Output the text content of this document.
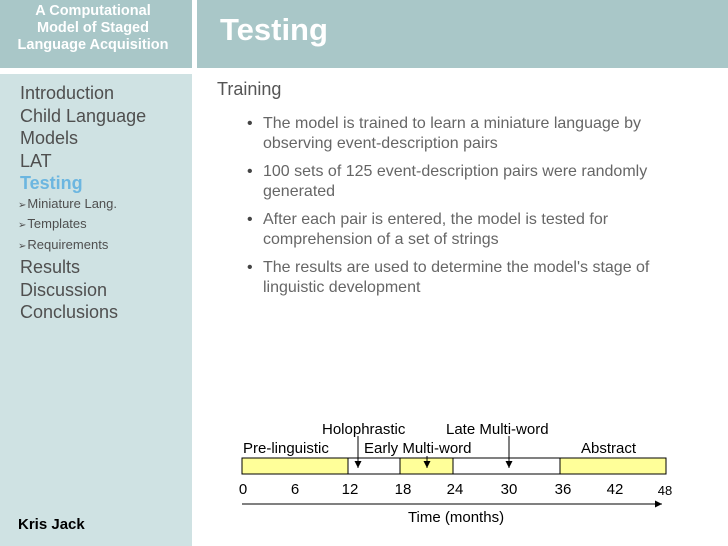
A Computational
Model of Staged
Language Acquisition	Testing
Introduction
Child Language
Models
LAT
Testing
➢Miniature Lang.
➢Templates
➢Requirements
Results
Discussion
Conclusions
Kris Jack
Training
• The model is trained to learn a miniature language by observing event-description pairs
• 100 sets of 125 event-description pairs were randomly generated
• After each pair is entered, the model is tested for comprehension of a set of strings
• The results are used to determine the model's stage of linguistic development
Holophrastic	Late Multi-word
Pre-linguistic Early Multi-word	Abstract
0	6	12 18 24 30 36 42	48
Time (months)
